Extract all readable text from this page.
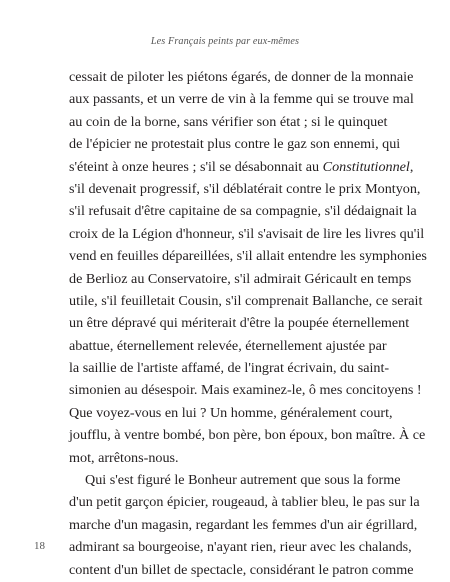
Les Français peints par eux-mêmes
cessait de piloter les piétons égarés, de donner de la monnaie
aux passants, et un verre de vin à la femme qui se trouve mal
au coin de la borne, sans vérifier son état ; si le quinquet
de l'épicier ne protestait plus contre le gaz son ennemi, qui
s'éteint à onze heures ; s'il se désabonnait au Constitutionnel,
s'il devenait progressif, s'il déblatérait contre le prix Montyon,
s'il refusait d'être capitaine de sa compagnie, s'il dédaignait la
croix de la Légion d'honneur, s'il s'avisait de lire les livres qu'il
vend en feuilles dépareillées, s'il allait entendre les symphonies
de Berlioz au Conservatoire, s'il admirait Géricault en temps
utile, s'il feuilletait Cousin, s'il comprenait Ballanche, ce serait
un être dépravé qui mériterait d'être la poupée éternellement
abattue, éternellement relevée, éternellement ajustée par
la saillie de l'artiste affamé, de l'ingrat écrivain, du saint-
simonien au désespoir. Mais examinez-le, ô mes concitoyens !
Que voyez-vous en lui ? Un homme, généralement court,
joufflu, à ventre bombé, bon père, bon époux, bon maître. À ce
mot, arrêtons-nous.
Qui s'est figuré le Bonheur autrement que sous la forme
d'un petit garçon épicier, rougeaud, à tablier bleu, le pas sur la
marche d'un magasin, regardant les femmes d'un air égrillard,
admirant sa bourgeoise, n'ayant rien, rieur avec les chalands,
content d'un billet de spectacle, considérant le patron comme
18
